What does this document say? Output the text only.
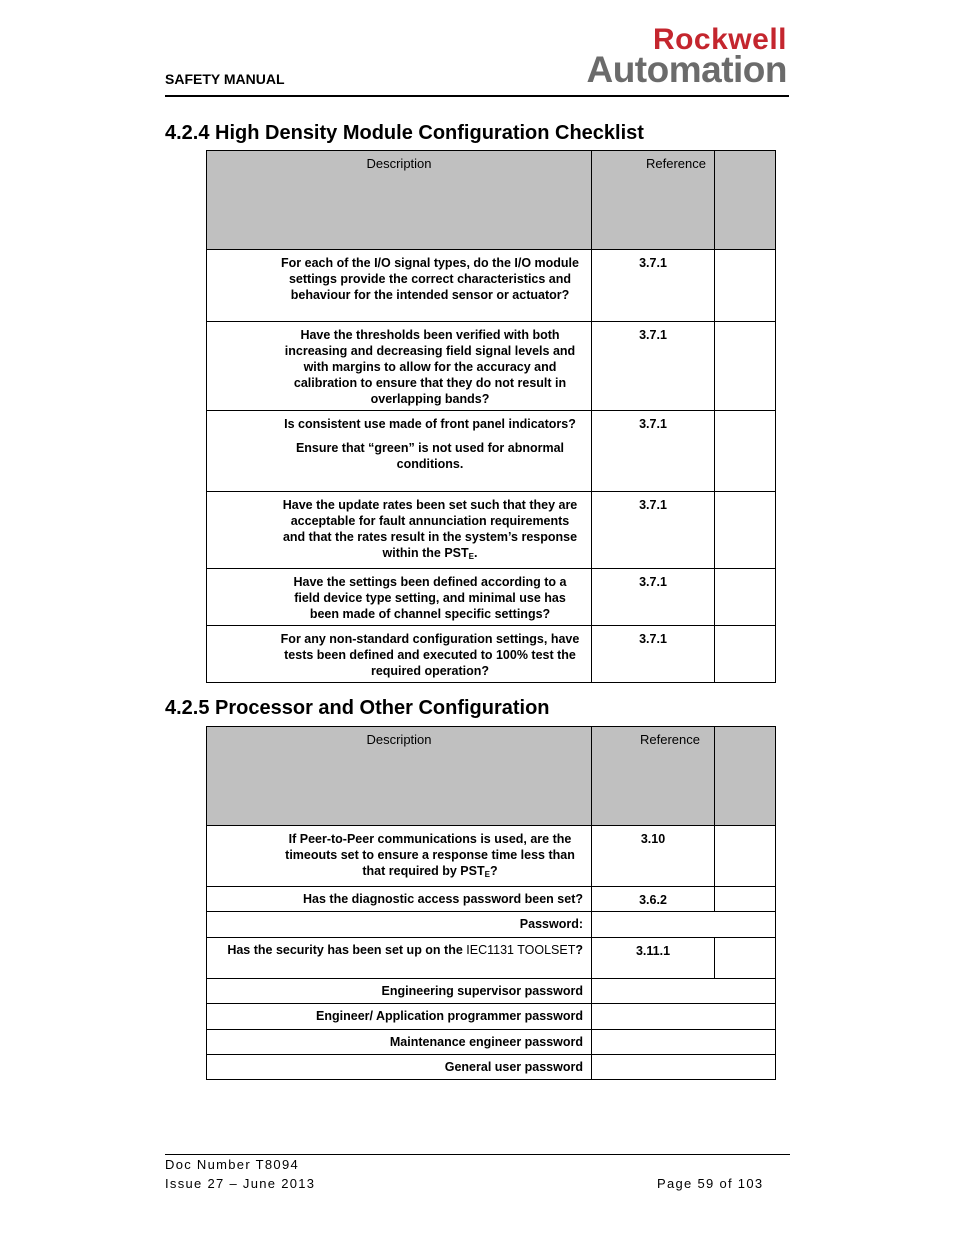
SAFETY MANUAL
Rockwell
Automation
4.2.4 High Density Module Configuration Checklist
Description	Reference	
For each of the I/O signal types, do the I/O module settings provide the correct characteristics and behaviour for the intended sensor or actuator?	3.7.1	
Have the thresholds been verified with both increasing and decreasing field signal levels and with margins to allow for the accuracy and calibration to ensure that they do not result in overlapping bands?	3.7.1	

Is consistent use made of front panel indicators?

Ensure that “green” is not used for abnormal conditions.	3.7.1	
Have the update rates been set such that they are acceptable for fault annunciation requirements and that the rates result in the system’s response within the $PST_E$.	3.7.1	
Have the settings been defined according to a field device type setting, and minimal use has been made of channel specific settings?	3.7.1	
For any non-standard configuration settings, have tests been defined and executed to 100% test the required operation?	3.7.1	
4.2.5 Processor and Other Configuration
Description	Reference	
If Peer-to-Peer communications is used, are the timeouts set to ensure a response time less than that required by $PST_E$?	3.10	
Has the diagnostic access password been set?	3.6.2	
Password:		
Has the security has been set up on the IEC1131 TOOLSET?	3.11.1	
Engineering supervisor password		
Engineer/ Application programmer password		
Maintenance engineer password		
General user password		
Doc Number T8094
Issue 27 – June 2013	Page 59 of 103
